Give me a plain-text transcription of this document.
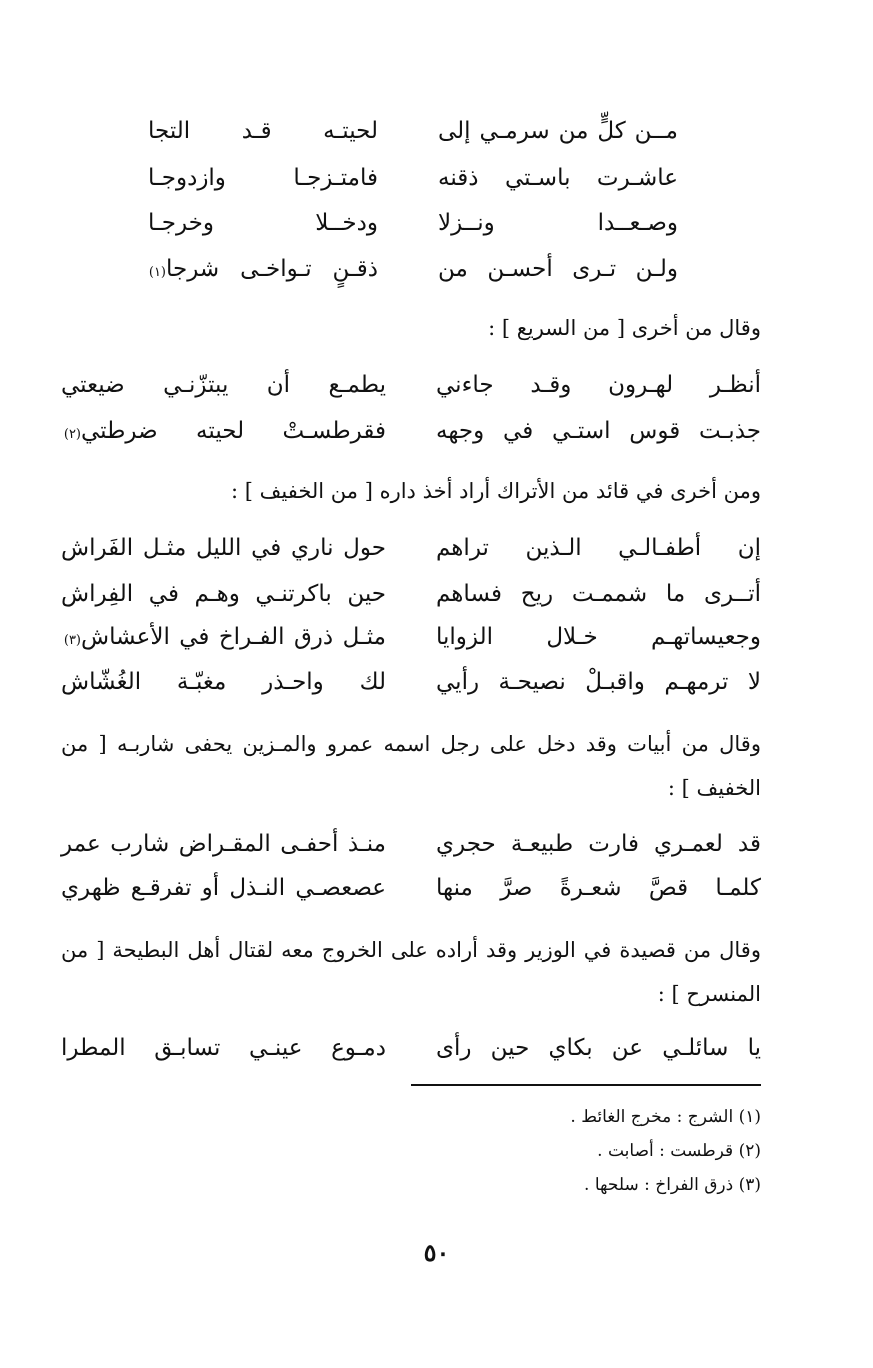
مــن كلٍّ من سرمـي إلى
لحيتـه قـد التجا
عاشـرت باسـتي ذقنه
فامتـزجـا وازدوجـا
وصـعــدا ونــزلا
ودخــلا وخرجـا
ولـن تـرى أحسـن من
ذقـنٍ تـواخـى شرجا
(١)
وقال من أخرى [ من السريع ] :
أنظـر لهـرون وقـد جاءني
يطمـع أن يبتزّنـي ضيعتي
جذبـت قوس استـي في وجهه
فقرطسـتْ لحيته ضرطتي
(٢)
ومن أخرى في قائد من الأتراك أراد أخذ داره [ من الخفيف ] :
إن أطفـالـي الـذين تراهم
حول ناري في الليل مثـل الفَراش
أتــرى ما شممـت ريح فساهم
حين باكرتنـي وهـم في الفِراش
وجعيساتهـم خـلال الزوايا
مثـل ذرق الفـراخ في الأعشاش
(٣)
لا ترمهـم واقبـلْ نصيحـة رأيي
لك واحـذر مغبّـة الغُشّاش
وقال من أبيات وقد دخل على رجل اسمه عمرو والمـزين يحفى شاربـه [ من الخفيف ] :
قد لعمـري فارت طبيعـة حجري
منـذ أحفـى المقـراض شارب عمر
كلمـا قصَّ شعـرةً صرَّ منها
عصعصـي النـذل أو تفرقـع ظهري
وقال من قصيدة في الوزير وقد أراده على الخروج معه لقتال أهل البطيحة [ من المنسرح ] :
يا سائلـي عن بكاي حين رأى
دمـوع عينـي تسابـق المطرا
(١) الشرج : مخرج الغائط .
(٢) قرطست : أصابت .
(٣) ذرق الفراخ : سلحها .
٥٠
